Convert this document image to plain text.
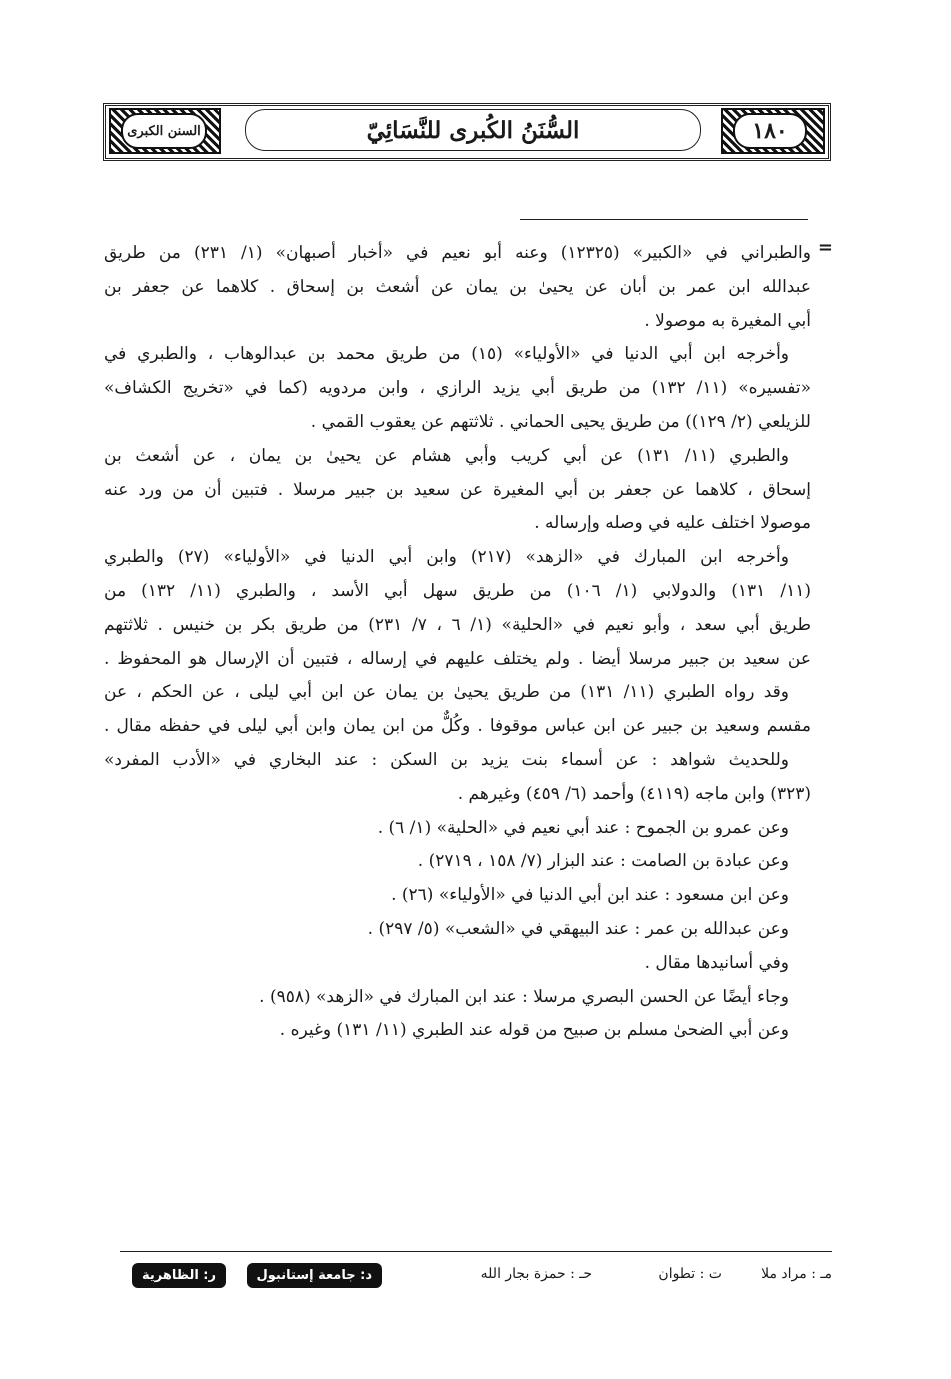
١٨٠
السنن الكبرى	السُّنَنُ الكُبرى للنَّسَائِيّ
=
والطبراني في «الكبير» (١٢٣٢٥) وعنه أبو نعيم في «أخبار أصبهان» (١/ ٢٣١) من طريق
عبدالله ابن عمر بن أبان عن يحيىٰ بن يمان عن أشعث بن إسحاق . كلاهما عن جعفر بن
أبي المغيرة به موصولا .
وأخرجه ابن أبي الدنيا في «الأولياء» (١٥) من طريق محمد بن عبدالوهاب ، والطبري في
«تفسيره» (١١/ ١٣٢) من طريق أبي يزيد الرازي ، وابن مردويه (كما في «تخريج الكشاف»
للزيلعي (٢/ ١٢٩)) من طريق يحيى الحماني . ثلاثتهم عن يعقوب القمي .
والطبري (١١/ ١٣١) عن أبي كريب وأبي هشام عن يحيىٰ بن يمان ، عن أشعث بن
إسحاق ، كلاهما عن جعفر بن أبي المغيرة عن سعيد بن جبير مرسلا . فتبين أن من ورد عنه
موصولا اختلف عليه في وصله وإرساله .
وأخرجه ابن المبارك في «الزهد» (٢١٧) وابن أبي الدنيا في «الأولياء» (٢٧) والطبري
(١١/ ١٣١) والدولابي (١/ ١٠٦) من طريق سهل أبي الأسد ، والطبري (١١/ ١٣٢) من
طريق أبي سعد ، وأبو نعيم في «الحلية» (١/ ٦ ، ٧/ ٢٣١) من طريق بكر بن خنيس . ثلاثتهم
عن سعيد بن جبير مرسلا أيضا . ولم يختلف عليهم في إرساله ، فتبين أن الإرسال هو المحفوظ .
وقد رواه الطبري (١١/ ١٣١) من طريق يحيىٰ بن يمان عن ابن أبي ليلى ، عن الحكم ، عن
مقسم وسعيد بن جبير عن ابن عباس موقوفا . وكُلٌّ من ابن يمان وابن أبي ليلى في حفظه مقال .
وللحديث شواهد : عن أسماء بنت يزيد بن السكن : عند البخاري في «الأدب المفرد»
(٣٢٣) وابن ماجه (٤١١٩) وأحمد (٦/ ٤٥٩) وغيرهم .
وعن عمرو بن الجموح : عند أبي نعيم في «الحلية» (١/ ٦) .
وعن عبادة بن الصامت : عند البزار (٧/ ١٥٨ ، ٢٧١٩) .
وعن ابن مسعود : عند ابن أبي الدنيا في «الأولياء» (٢٦) .
وعن عبدالله بن عمر : عند البيهقي في «الشعب» (٥/ ٢٩٧) .
وفي أسانيدها مقال .
وجاء أيضًا عن الحسن البصري مرسلا : عند ابن المبارك في «الزهد» (٩٥٨) .
وعن أبي الضحىٰ مسلم بن صبيح من قوله عند الطبري (١١/ ١٣١) وغيره .
مـ : مراد ملا
ت : تطوان
حـ : حمزة بجار الله
د: جامعة إستانبول
ر: الظاهرية
